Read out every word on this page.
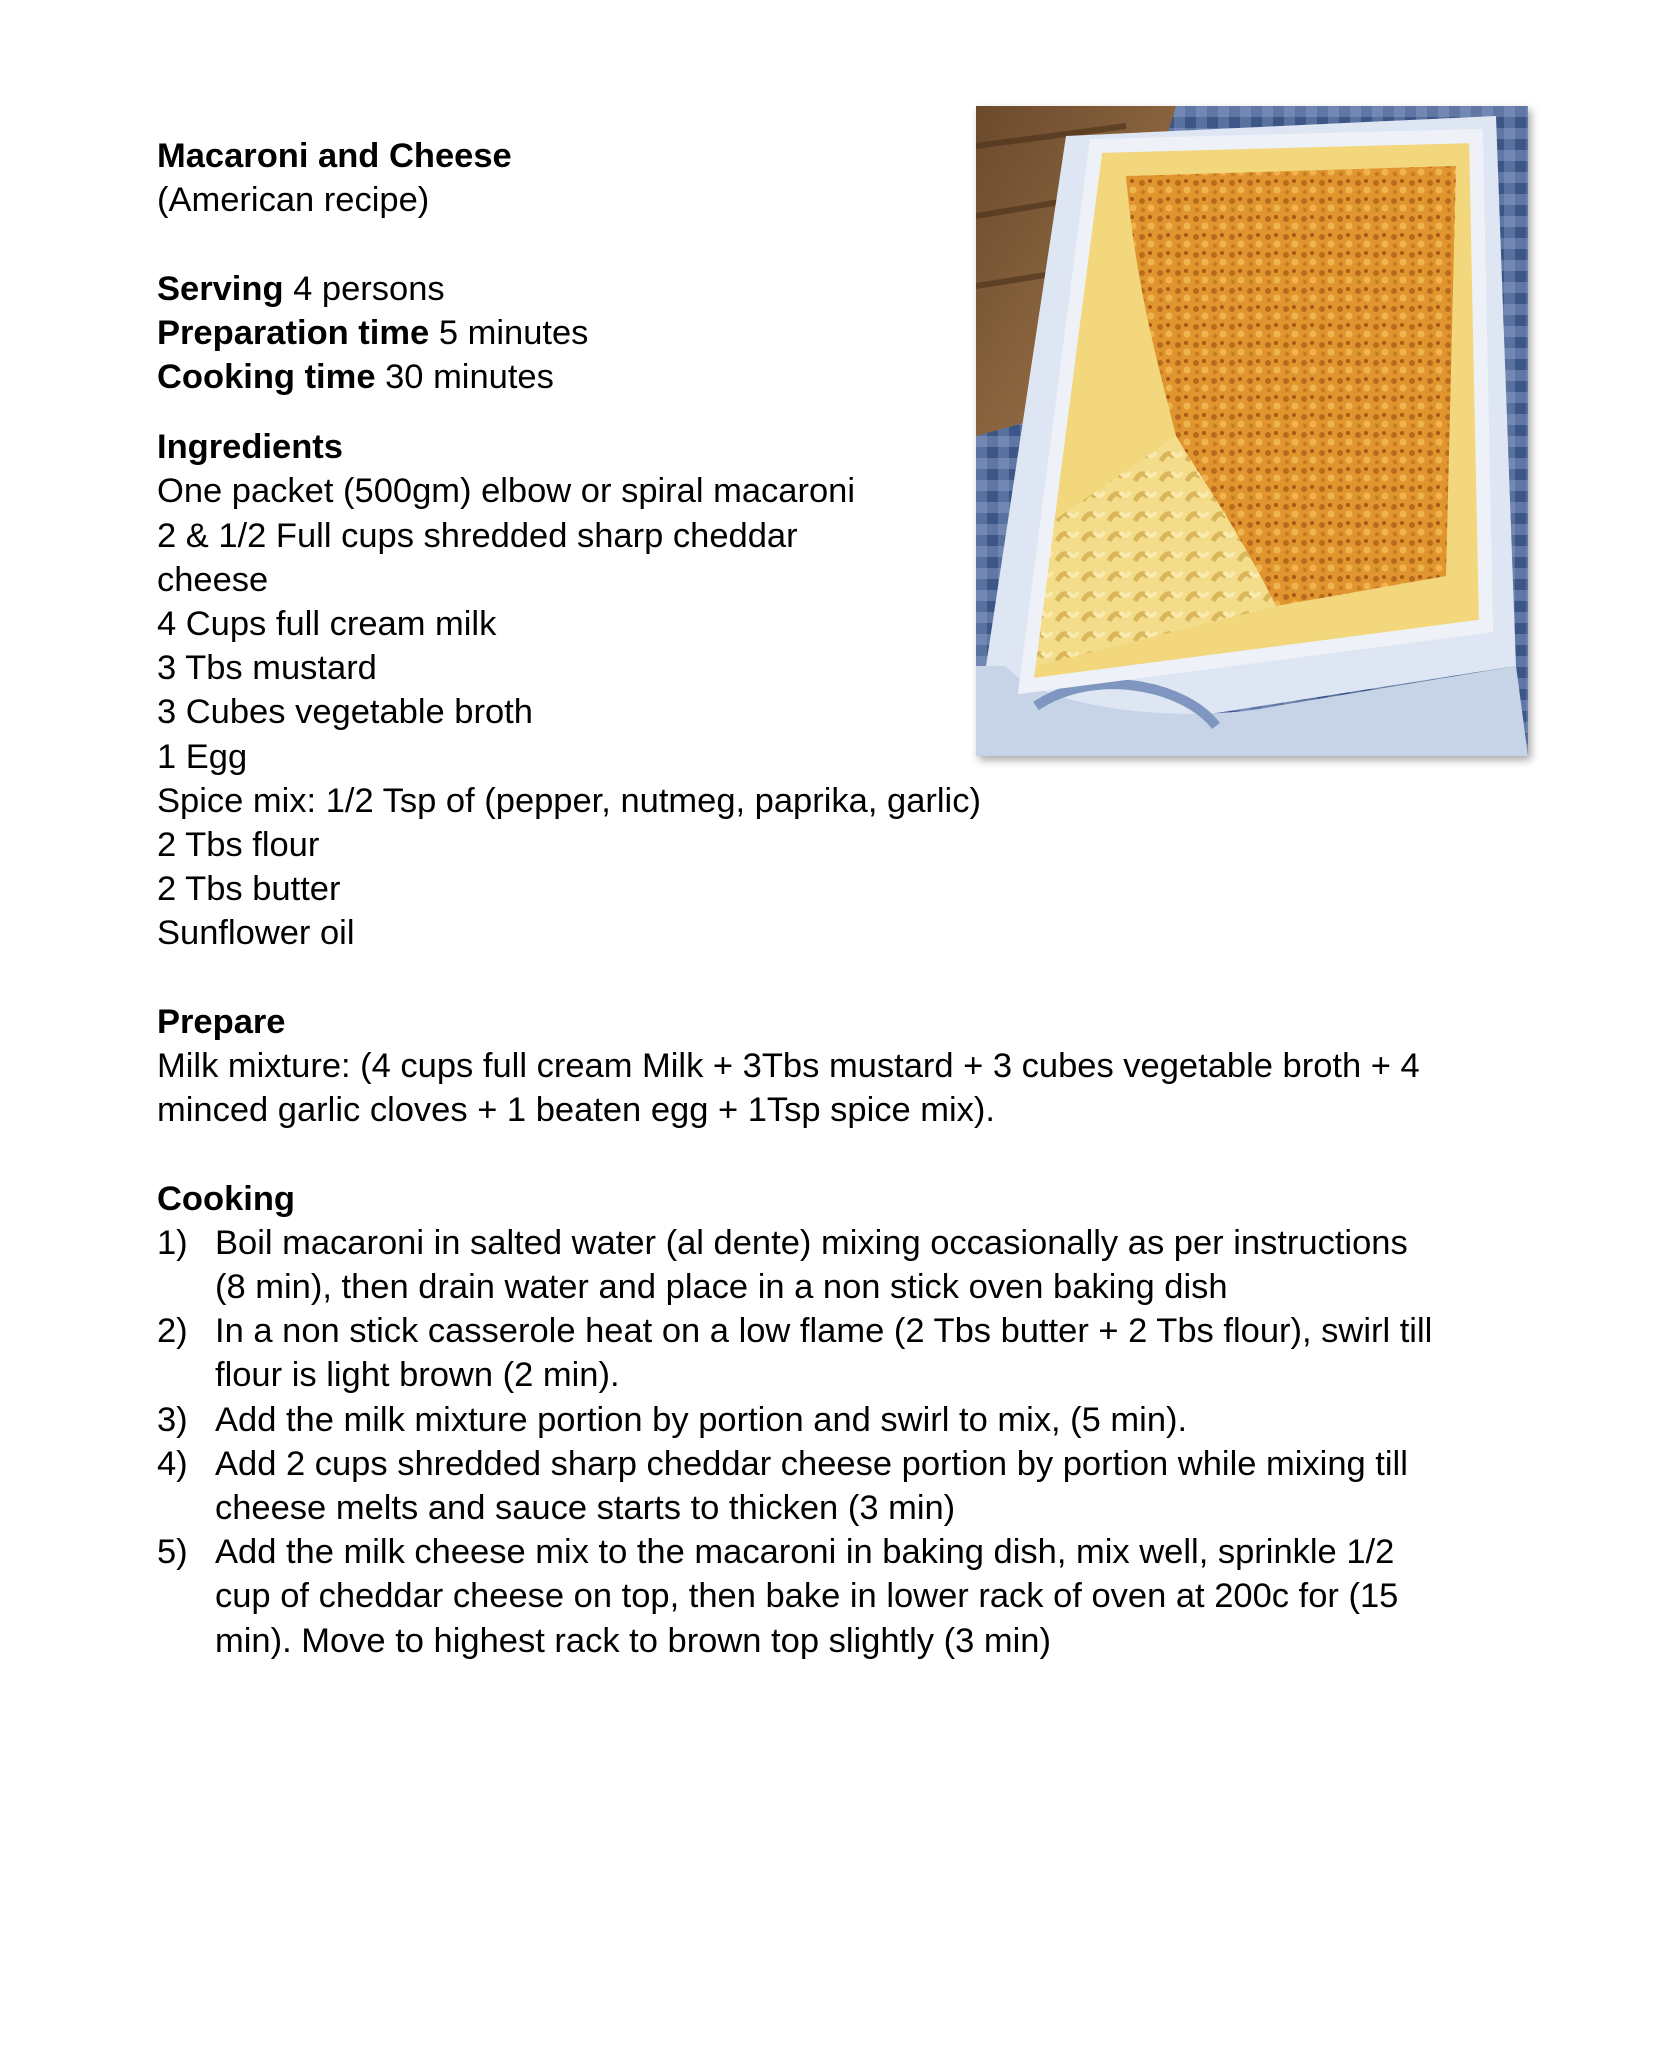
Macaroni and Cheese
(American recipe)
Serving 4 persons
Preparation time 5 minutes
Cooking time 30 minutes
Ingredients
One packet (500gm) elbow or spiral macaroni
2 & 1/2 Full cups shredded sharp cheddar
cheese
4 Cups full cream milk
3 Tbs mustard
3 Cubes vegetable broth
1 Egg
Spice mix: 1/2 Tsp of (pepper, nutmeg, paprika, garlic)
2 Tbs flour
2 Tbs butter
Sunflower oil
Prepare
Milk mixture: (4 cups full cream Milk + 3Tbs mustard + 3 cubes vegetable broth + 4
minced garlic cloves + 1 beaten egg + 1Tsp spice mix).
Cooking
1) Boil macaroni in salted water (al dente) mixing occasionally as per instructions
(8 min), then drain water and place in a non stick oven baking dish
2) In a non stick casserole heat on a low flame (2 Tbs butter + 2 Tbs flour), swirl till
flour is light brown (2 min).
3) Add the milk mixture portion by portion and swirl to mix, (5 min).
4) Add 2 cups shredded sharp cheddar cheese portion by portion while mixing till
cheese melts and sauce starts to thicken (3 min)
5) Add the milk cheese mix to the macaroni in baking dish, mix well, sprinkle 1/2
cup of cheddar cheese on top, then bake in lower rack of oven at 200c for (15
min). Move to highest rack to brown top slightly (3 min)
